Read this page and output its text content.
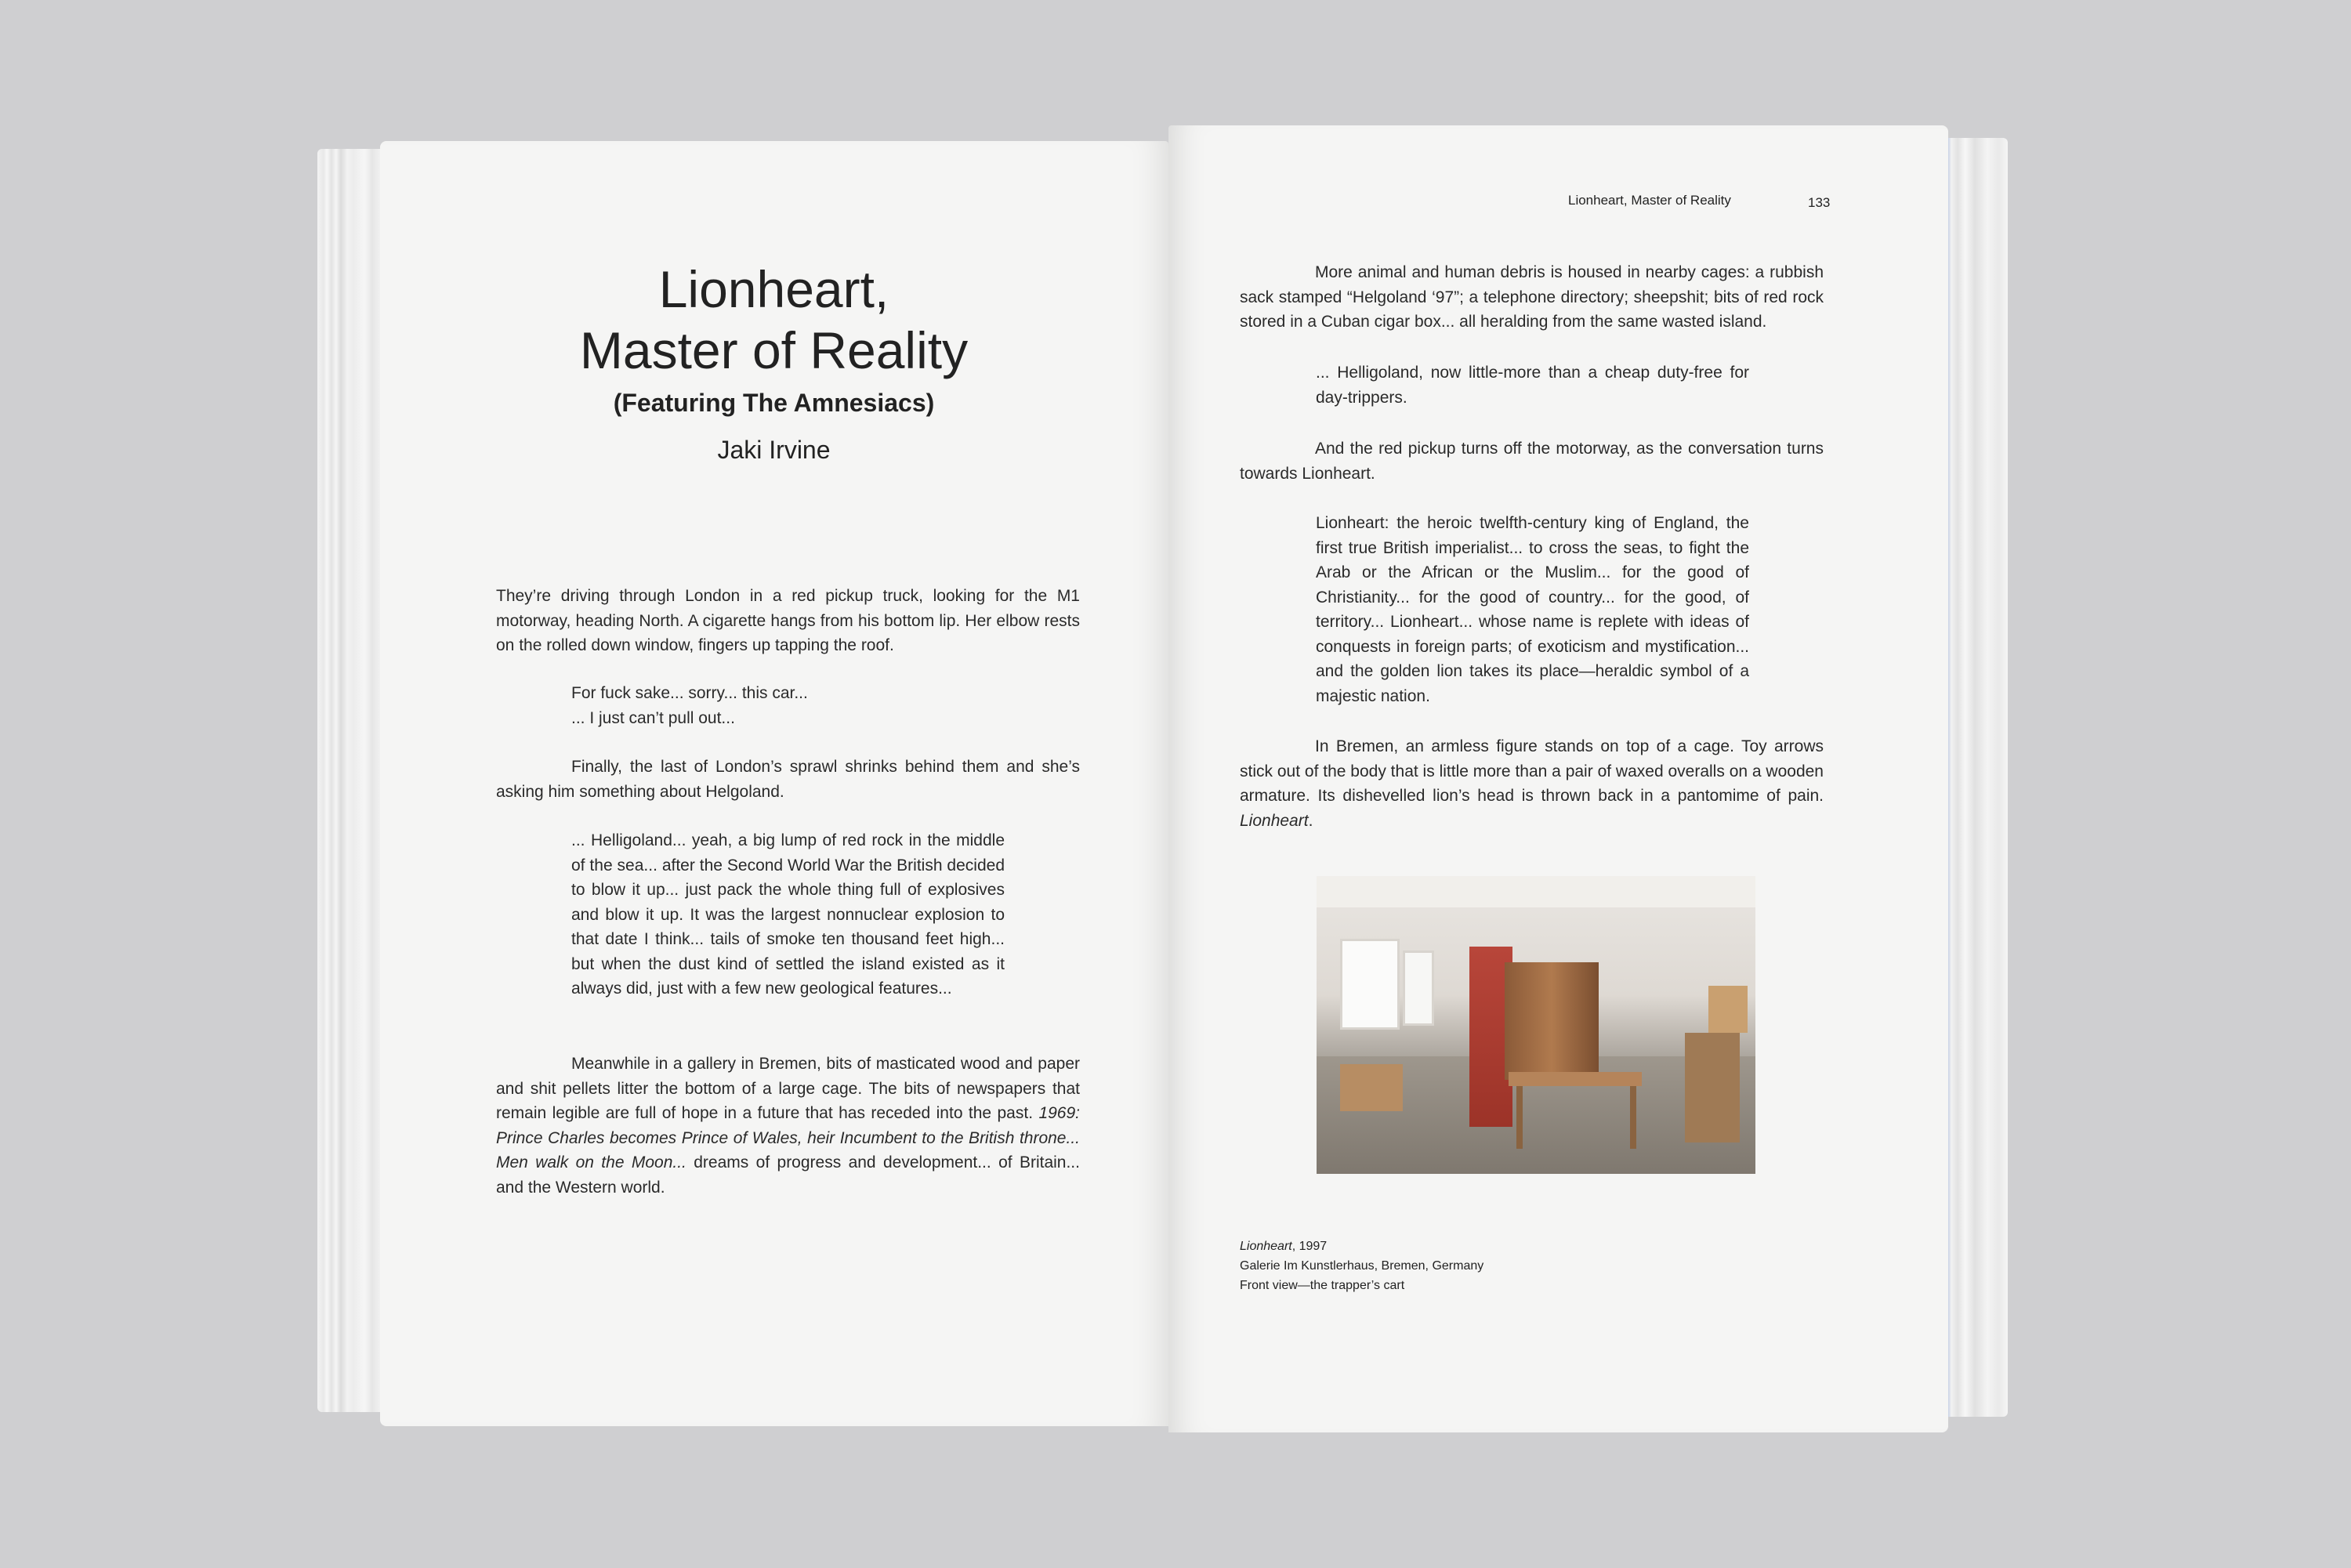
Lionheart,
Master of Reality
(Featuring The Amnesiacs)
Jaki Irvine

They’re driving through London in a red pickup truck, looking for the M1 motorway, heading North. A cigarette hangs from his bottom lip. Her elbow rests on the rolled down window, fingers up tapping the roof.

For fuck sake... sorry... this car...

... I just can’t pull out...

Finally, the last of London’s sprawl shrinks behind them and she’s asking him something about Helgoland.

... Helligoland... yeah, a big lump of red rock in the middle of the sea... after the Second World War the British decided to blow it up... just pack the whole thing full of explosives and blow it up. It was the largest nonnuclear explosion to that date I think... tails of smoke ten thousand feet high... but when the dust kind of settled the island existed as it always did, just with a few new geological features...

Meanwhile in a gallery in Bremen, bits of masticated wood and paper and shit pellets litter the bottom of a large cage. The bits of newspapers that remain legible are full of hope in a future that has receded into the past. 1969: Prince Charles becomes Prince of Wales, heir Incumbent to the British throne... Men walk on the Moon... dreams of progress and development... of Britain... and the Western world.

Lionheart, Master of Reality	133

More animal and human debris is housed in nearby cages: a rubbish sack stamped “Helgoland ‘97”; a telephone directory; sheepshit; bits of red rock stored in a Cuban cigar box... all heralding from the same wasted island.

... Helligoland, now little-more than a cheap duty-free for day-trippers.

And the red pickup turns off the motorway, as the conversation turns towards Lionheart.

Lionheart: the heroic twelfth-century king of England, the first true British imperialist... to cross the seas, to fight the Arab or the African or the Muslim... for the good of Christianity... for the good of country... for the good, of territory... Lionheart... whose name is replete with ideas of conquests in foreign parts; of exoticism and mystification... and the golden lion takes its place—heraldic symbol of a majestic nation.

In Bremen, an armless figure stands on top of a cage. Toy arrows stick out of the body that is little more than a pair of waxed overalls on a wooden armature. Its dishevelled lion’s head is thrown back in a pantomime of pain. Lionheart.

Lionheart, 1997
Galerie Im Kunstlerhaus, Bremen, Germany
Front view—the trapper’s cart
